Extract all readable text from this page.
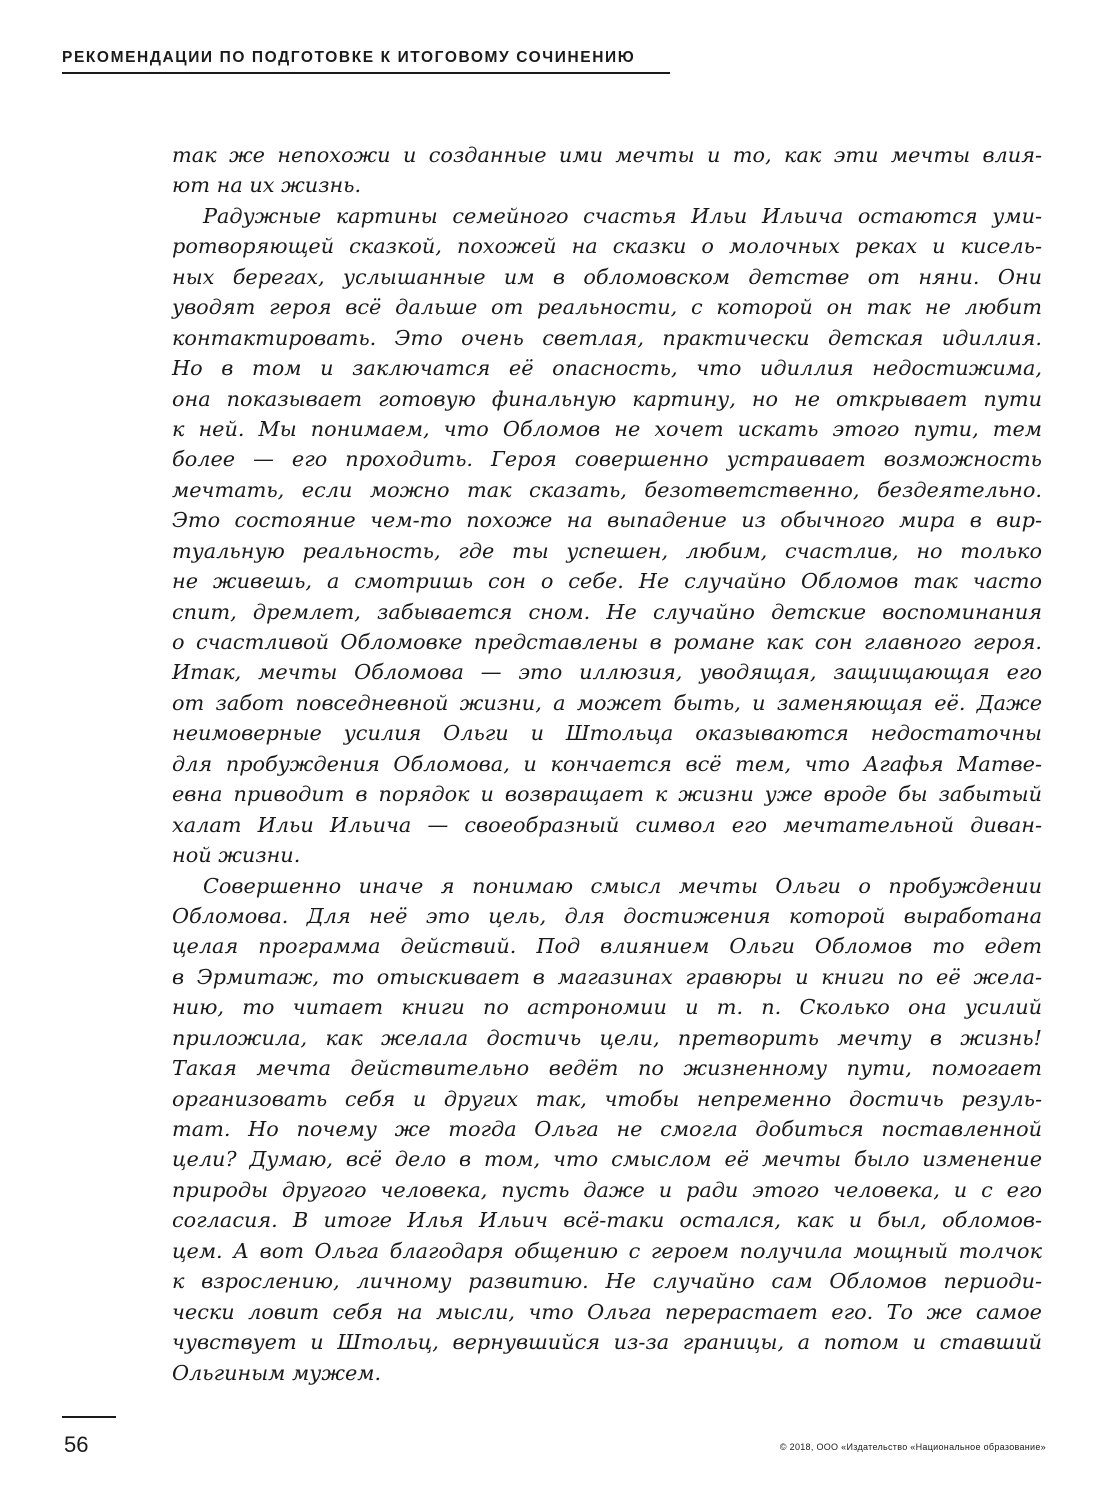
РЕКОМЕНДАЦИИ ПО ПОДГОТОВКЕ К ИТОГОВОМУ СОЧИНЕНИЮ
так же непохожи и созданные ими мечты и то, как эти мечты влия-
ют на их жизнь.
Радужные картины семейного счастья Ильи Ильича остаются уми-
ротворяющей сказкой, похожей на сказки о молочных реках и кисель-
ных берегах, услышанные им в обломовском детстве от няни. Они
уводят героя всё дальше от реальности, с которой он так не любит
контактировать. Это очень светлая, практически детская идиллия.
Но в том и заключатся её опасность, что идиллия недостижима,
она показывает готовую финальную картину, но не открывает пути
к ней. Мы понимаем, что Обломов не хочет искать этого пути, тем
более — его проходить. Героя совершенно устраивает возможность
мечтать, если можно так сказать, безответственно, бездеятельно.
Это состояние чем-то похоже на выпадение из обычного мира в вир-
туальную реальность, где ты успешен, любим, счастлив, но только
не живешь, а смотришь сон о себе. Не случайно Обломов так часто
спит, дремлет, забывается сном. Не случайно детские воспоминания
о счастливой Обломовке представлены в романе как сон главного героя.
Итак, мечты Обломова — это иллюзия, уводящая, защищающая его
от забот повседневной жизни, а может быть, и заменяющая её. Даже
неимоверные усилия Ольги и Штольца оказываются недостаточны
для пробуждения Обломова, и кончается всё тем, что Агафья Матве-
евна приводит в порядок и возвращает к жизни уже вроде бы забытый
халат Ильи Ильича — своеобразный символ его мечтательной диван-
ной жизни.
Совершенно иначе я понимаю смысл мечты Ольги о пробуждении
Обломова. Для неё это цель, для достижения которой выработана
целая программа действий. Под влиянием Ольги Обломов то едет
в Эрмитаж, то отыскивает в магазинах гравюры и книги по её жела-
нию, то читает книги по астрономии и т. п. Сколько она усилий
приложила, как желала достичь цели, претворить мечту в жизнь!
Такая мечта действительно ведёт по жизненному пути, помогает
организовать себя и других так, чтобы непременно достичь резуль-
тат. Но почему же тогда Ольга не смогла добиться поставленной
цели? Думаю, всё дело в том, что смыслом её мечты было изменение
природы другого человека, пусть даже и ради этого человека, и с его
согласия. В итоге Илья Ильич всё-таки остался, как и был, обломов-
цем. А вот Ольга благодаря общению с героем получила мощный толчок
к взрослению, личному развитию. Не случайно сам Обломов периоди-
чески ловит себя на мысли, что Ольга перерастает его. То же самое
чувствует и Штольц, вернувшийся из-за границы, а потом и ставший
Ольгиным мужем.
56	© 2018, ООО «Издательство «Национальное образование»
